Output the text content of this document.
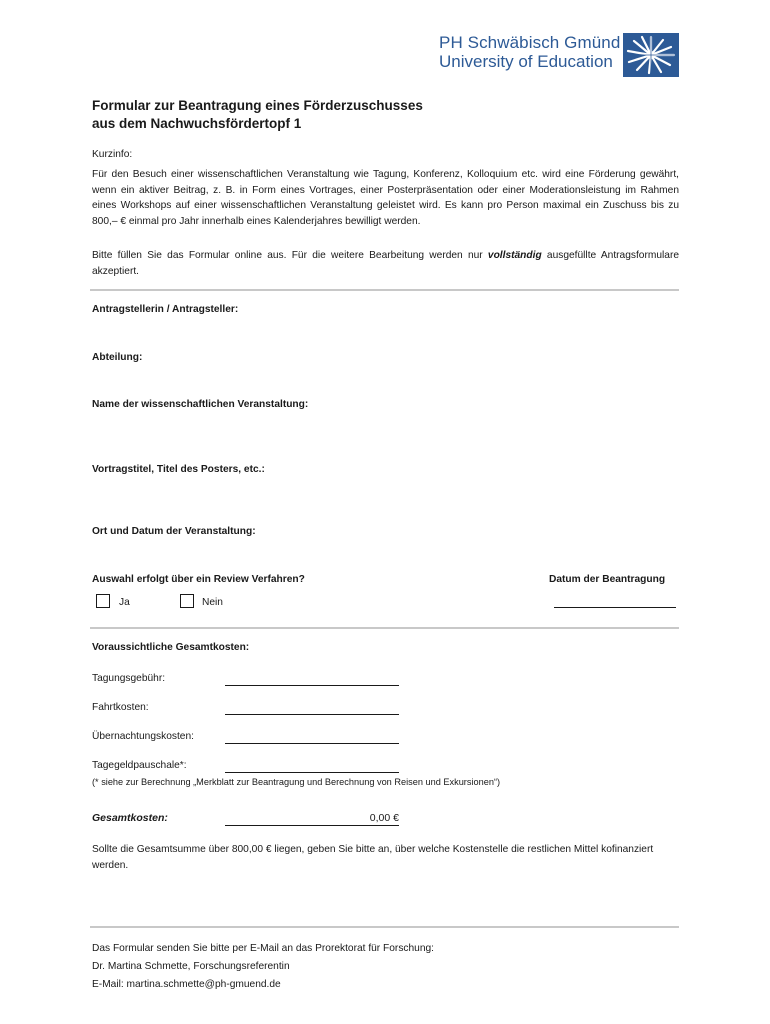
PH Schwäbisch Gmünd
University of Education
Formular zur Beantragung eines Förderzuschusses
aus dem Nachwuchsfördertopf 1
Kurzinfo:
Für den Besuch einer wissenschaftlichen Veranstaltung wie Tagung, Konferenz, Kolloquium etc. wird eine Förderung gewährt, wenn ein aktiver Beitrag, z. B. in Form eines Vortrages, einer Posterpräsentation oder einer Moderationsleistung im Rahmen eines Workshops auf einer wissenschaftlichen Veranstaltung geleistet wird. Es kann pro Person maximal ein Zuschuss bis zu 800,– € einmal pro Jahr innerhalb eines Kalenderjahres bewilligt werden.
Bitte füllen Sie das Formular online aus. Für die weitere Bearbeitung werden nur vollständig ausgefüllte Antragsformulare akzeptiert.
Antragstellerin / Antragsteller:
Abteilung:
Name der wissenschaftlichen Veranstaltung:
Vortragstitel, Titel des Posters, etc.:
Ort und Datum der Veranstaltung:
Auswahl erfolgt über ein Review Verfahren?
Ja	Nein
Datum der Beantragung
Voraussichtliche Gesamtkosten:
Tagungsgebühr:
Fahrtkosten:
Übernachtungskosten:
Tagegeldpauschale*:
(* siehe zur Berechnung „Merkblatt zur Beantragung und Berechnung von Reisen und Exkursionen“)
Gesamtkosten:	0,00 €
Sollte die Gesamtsumme über 800,00 € liegen, geben Sie bitte an, über welche Kostenstelle die restlichen Mittel kofinanziert werden.
Das Formular senden Sie bitte per E-Mail an das Prorektorat für Forschung:
Dr. Martina Schmette, Forschungsreferentin
E-Mail: martina.schmette@ph-gmuend.de
